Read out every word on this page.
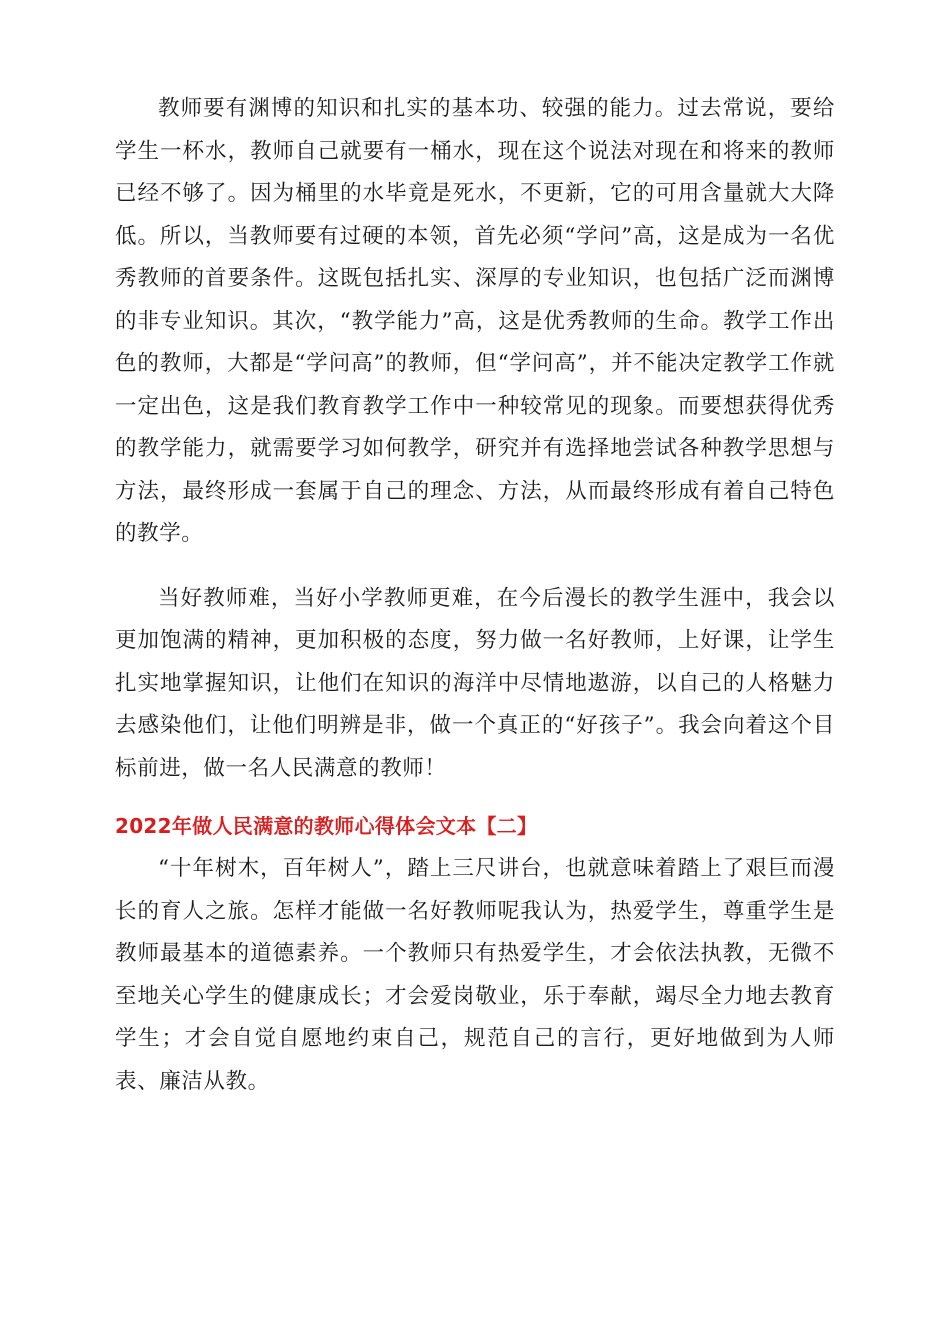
教师要有渊博的知识和扎实的基本功、较强的能力。过去常说，要给学生一杯水，教师自己就要有一桶水，现在这个说法对现在和将来的教师已经不够了。因为桶里的水毕竟是死水，不更新，它的可用含量就大大降低。所以，当教师要有过硬的本领，首先必须“学问”高，这是成为一名优秀教师的首要条件。这既包括扎实、深厚的专业知识，也包括广泛而渊博的非专业知识。其次，“教学能力”高，这是优秀教师的生命。教学工作出色的教师，大都是“学问高”的教师，但“学问高”，并不能决定教学工作就一定出色，这是我们教育教学工作中一种较常见的现象。而要想获得优秀的教学能力，就需要学习如何教学，研究并有选择地尝试各种教学思想与方法，最终形成一套属于自己的理念、方法，从而最终形成有着自己特色的教学。

当好教师难，当好小学教师更难，在今后漫长的教学生涯中，我会以更加饱满的精神，更加积极的态度，努力做一名好教师，上好课，让学生扎实地掌握知识，让他们在知识的海洋中尽情地遨游，以自己的人格魅力去感染他们，让他们明辨是非，做一个真正的“好孩子”。我会向着这个目标前进，做一名人民满意的教师！

2022年做人民满意的教师心得体会文本【二】

“十年树木，百年树人”，踏上三尺讲台，也就意味着踏上了艰巨而漫长的育人之旅。怎样才能做一名好教师呢我认为，热爱学生，尊重学生是教师最基本的道德素养。一个教师只有热爱学生，才会依法执教，无微不至地关心学生的健康成长；才会爱岗敬业，乐于奉献，竭尽全力地去教育学生；才会自觉自愿地约束自己，规范自己的言行，更好地做到为人师表、廉洁从教。
